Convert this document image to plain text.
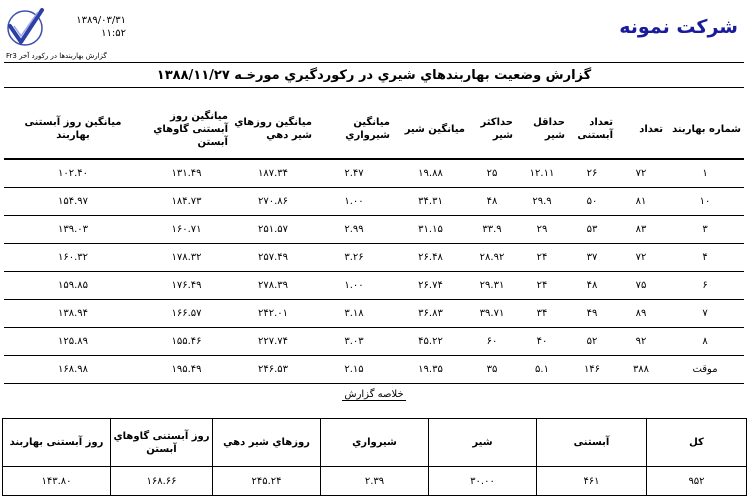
۱۳۸۹/۰۳/۳۱
۱۱:۵۲
گزارش بهاربندها در رکورد آخر Fr3
شرکت نمونه
گزارش وضعیت بهاربندهاي شيري در رکوردگيري مورخـه ۱۳۸۸/۱۱/۲۷
شماره بهاربند	تعداد	تعداد آبستنی	حداقل شير	حداکثر شير	ميانگين شير	ميانگين شيرواري	ميانگين روزهاي شير دهي	ميانگين روز آبستنی گاوهاي آبستن	ميانگين روز آبستنی بهاربند
۱	۷۲	۲۶	۱۲.۱۱	۲۵	۱۹.۸۸	۲.۴۷	۱۸۷.۳۴	۱۳۱.۴۹	۱۰۲.۴۰
۱۰	۸۱	۵۰	۲۹.۹	۴۸	۳۴.۳۱	۱.۰۰	۲۷۰.۸۶	۱۸۴.۷۳	۱۵۴.۹۷
۳	۸۳	۵۳	۲۹	۳۳.۹	۳۱.۱۵	۲.۹۹	۲۵۱.۵۷	۱۶۰.۷۱	۱۳۹.۰۳
۴	۷۲	۳۷	۲۴	۲۸.۹۲	۲۶.۴۸	۳.۲۶	۲۵۷.۴۹	۱۷۸.۳۲	۱۶۰.۳۲
۶	۷۵	۴۸	۲۴	۲۹.۳۱	۲۶.۷۴	۱.۰۰	۲۷۸.۳۹	۱۷۶.۴۹	۱۵۹.۸۵
۷	۸۹	۴۹	۳۴	۳۹.۷۱	۳۶.۸۳	۳.۱۸	۲۴۲.۰۱	۱۶۶.۵۷	۱۳۸.۹۴
۸	۹۲	۵۲	۴۰	۶۰	۴۵.۲۲	۳.۰۳	۲۲۷.۷۴	۱۵۵.۴۶	۱۲۵.۸۹
موقت	۳۸۸	۱۴۶	۵.۱	۳۵	۱۹.۳۵	۲.۱۵	۲۴۶.۵۳	۱۹۵.۴۹	۱۶۸.۹۸
خلاصه گزارش
کل	آبستنی	شير	شيرواري	روزهاي شير دهي	روز آبستنی گاوهاي آبستن	روز آبستنی بهاربند
۹۵۲	۴۶۱	۳۰.۰۰	۲.۳۹	۲۴۵.۲۴	۱۶۸.۶۶	۱۴۳.۸۰
